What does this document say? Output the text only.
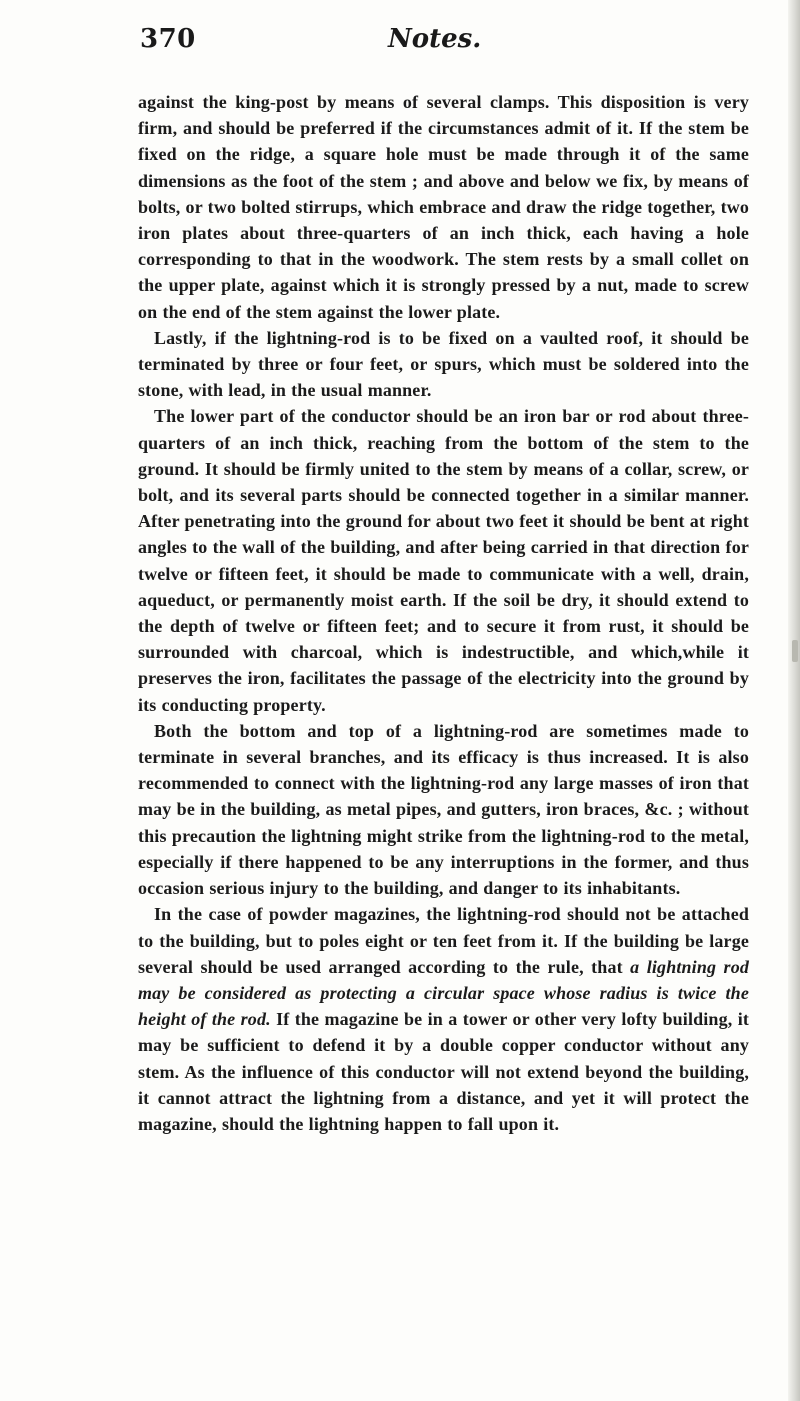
370	Notes.

against the king-post by means of several clamps. This disposition is very firm, and should be preferred if the circumstances admit of it. If the stem be fixed on the ridge, a square hole must be made through it of the same dimensions as the foot of the stem ; and above and below we fix, by means of bolts, or two bolted stirrups, which embrace and draw the ridge together, two iron plates about three-quarters of an inch thick, each having a hole corresponding to that in the woodwork. The stem rests by a small collet on the upper plate, against which it is strongly pressed by a nut, made to screw on the end of the stem against the lower plate.

Lastly, if the lightning-rod is to be fixed on a vaulted roof, it should be terminated by three or four feet, or spurs, which must be soldered into the stone, with lead, in the usual manner.

The lower part of the conductor should be an iron bar or rod about three-quarters of an inch thick, reaching from the bottom of the stem to the ground. It should be firmly united to the stem by means of a collar, screw, or bolt, and its several parts should be connected together in a similar manner. After penetrating into the ground for about two feet it should be bent at right angles to the wall of the building, and after being carried in that direction for twelve or fifteen feet, it should be made to communicate with a well, drain, aqueduct, or permanently moist earth. If the soil be dry, it should extend to the depth of twelve or fifteen feet; and to secure it from rust, it should be surrounded with charcoal, which is indestructible, and which,while it preserves the iron, facilitates the passage of the electricity into the ground by its conducting property.

Both the bottom and top of a lightning-rod are sometimes made to terminate in several branches, and its efficacy is thus increased. It is also recommended to connect with the lightning-rod any large masses of iron that may be in the building, as metal pipes, and gutters, iron braces, &c. ; without this precaution the lightning might strike from the lightning-rod to the metal, especially if there happened to be any interruptions in the former, and thus occasion serious injury to the building, and danger to its inhabitants.

In the case of powder magazines, the lightning-rod should not be attached to the building, but to poles eight or ten feet from it. If the building be large several should be used arranged according to the rule, that a lightning rod may be considered as protecting a circular space whose radius is twice the height of the rod. If the magazine be in a tower or other very lofty building, it may be sufficient to defend it by a double copper conductor without any stem. As the influence of this conductor will not extend beyond the building, it cannot attract the lightning from a distance, and yet it will protect the magazine, should the lightning happen to fall upon it.
